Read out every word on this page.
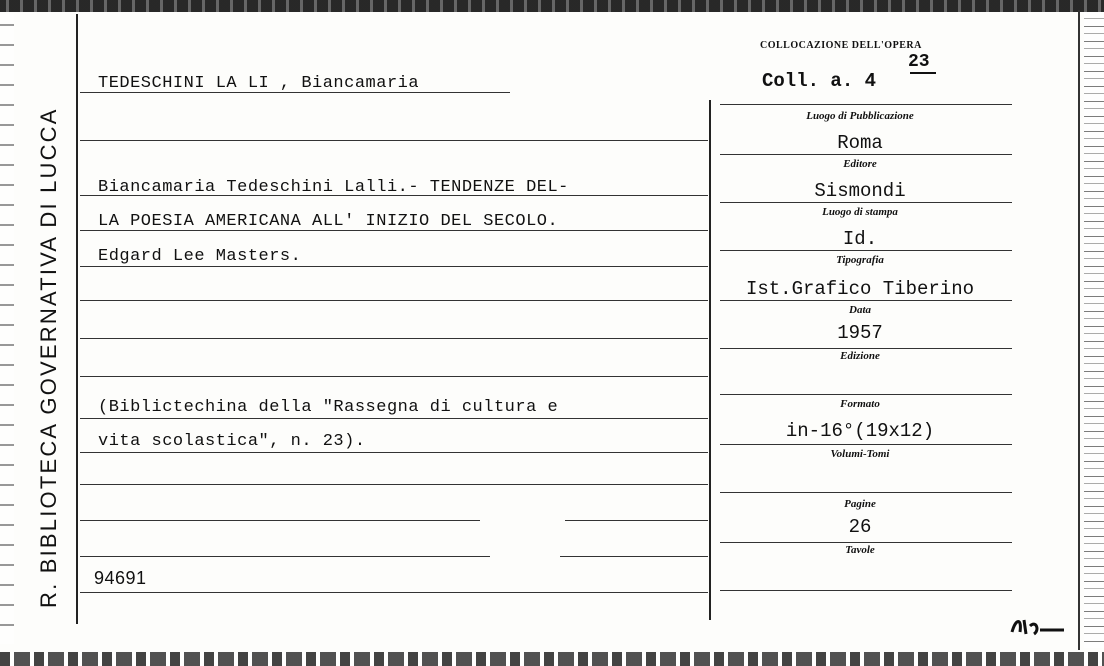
R. BIBLIOTECA GOVERNATIVA DI LUCCA
COLLOCAZIONE DELL'OPERA
Coll. a. 4
23
TEDESCHINI LA LI , Biancamaria
Biancamaria Tedeschini Lalli.- TENDENZE DEL-
LA POESIA AMERICANA ALL' INIZIO DEL SECOLO.
Edgard Lee Masters.
(Biblictechina della "Rassegna di cultura e
vita scolastica", n. 23).
94691
Luogo di Pubblicazione
Roma
Editore
Sismondi
Luogo di stampa
Id.
Tipografia
Ist.Grafico Tiberino
Data
1957
Edizione
Formato
in-16°(19x12)
Volumi-Tomi
Pagine
26
Tavole
